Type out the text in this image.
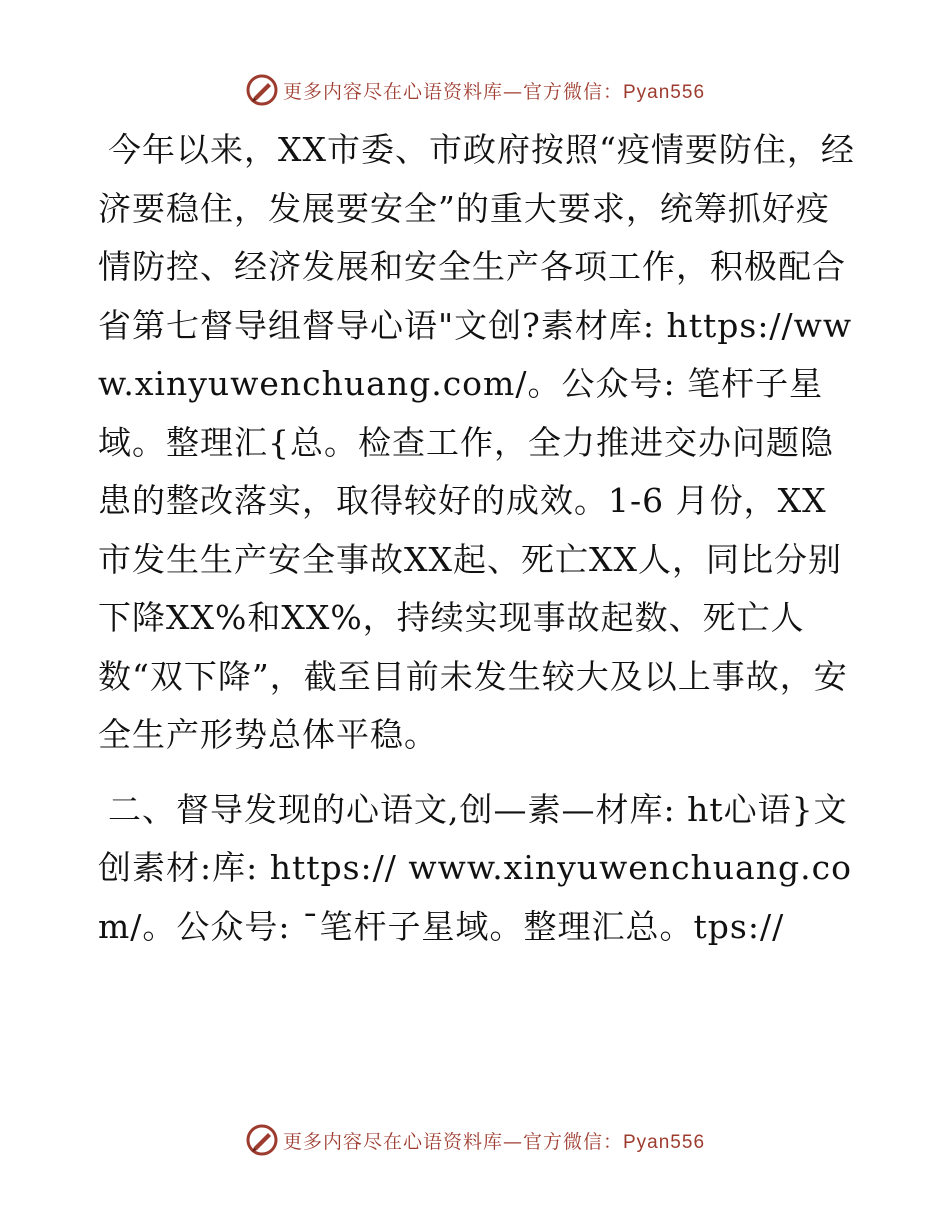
更多内容尽在心语资料库—官方微信：Pyan556

今年以来，XX市委、市政府按照“疫情要防住，经济要稳住，发展要安全”的重大要求，统筹抓好疫情防控、经济发展和安全生产各项工作，积极配合省第七督导组督导心语"文创?素材库: https://www.xinyuwenchuang.com/。公众号: 笔杆子星域。整理汇{总。检查工作，全力推进交办问题隐患的整改落实，取得较好的成效。1-6 月份，XX市发生生产安全事故XX起、死亡XX人，同比分别下降XX%和XX%，持续实现事故起数、死亡人数“双下降”，截至目前未发生较大及以上事故，安全生产形势总体平稳。

二、督导发现的心语文,创—素—材库: ht心语}文创素材:库: https:// www.xinyuwenchuang.com/。公众号: ¯笔杆子星域。整理汇总。tps://

更多内容尽在心语资料库—官方微信：Pyan556
